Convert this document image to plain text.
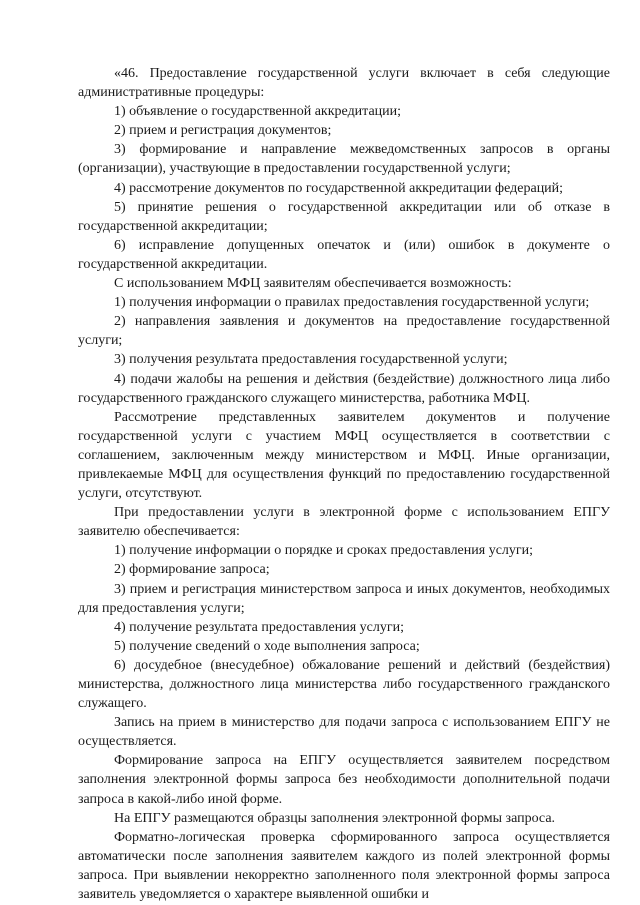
«46. Предоставление государственной услуги включает в себя следующие административные процедуры:

1) объявление о государственной аккредитации;

2) прием и регистрация документов;

3) формирование и направление межведомственных запросов в органы (организации), участвующие в предоставлении государственной услуги;

4) рассмотрение документов по государственной аккредитации федераций;

5) принятие решения о государственной аккредитации или об отказе в государственной аккредитации;

6) исправление допущенных опечаток и (или) ошибок в документе о государственной аккредитации.

С использованием МФЦ заявителям обеспечивается возможность:

1) получения информации о правилах предоставления государственной услуги;

2) направления заявления и документов на предоставление государственной услуги;

3) получения результата предоставления государственной услуги;

4) подачи жалобы на решения и действия (бездействие) должностного лица либо государственного гражданского служащего министерства, работника МФЦ.

Рассмотрение представленных заявителем документов и получение государственной услуги с участием МФЦ осуществляется в соответствии с соглашением, заключенным между министерством и МФЦ. Иные организации, привлекаемые МФЦ для осуществления функций по предоставлению государственной услуги, отсутствуют.

При предоставлении услуги в электронной форме с использованием ЕПГУ заявителю обеспечивается:

1) получение информации о порядке и сроках предоставления услуги;

2) формирование запроса;

3) прием и регистрация министерством запроса и иных документов, необходимых для предоставления услуги;

4) получение результата предоставления услуги;

5) получение сведений о ходе выполнения запроса;

6) досудебное (внесудебное) обжалование решений и действий (бездействия) министерства, должностного лица министерства либо государственного гражданского служащего.

Запись на прием в министерство для подачи запроса с использованием ЕПГУ не осуществляется.

Формирование запроса на ЕПГУ осуществляется заявителем посредством заполнения электронной формы запроса без необходимости дополнительной подачи запроса в какой-либо иной форме.

На ЕПГУ размещаются образцы заполнения электронной формы запроса.

Форматно-логическая проверка сформированного запроса осуществляется автоматически после заполнения заявителем каждого из полей электронной формы запроса. При выявлении некорректно заполненного поля электронной формы запроса заявитель уведомляется о характере выявленной ошибки и
